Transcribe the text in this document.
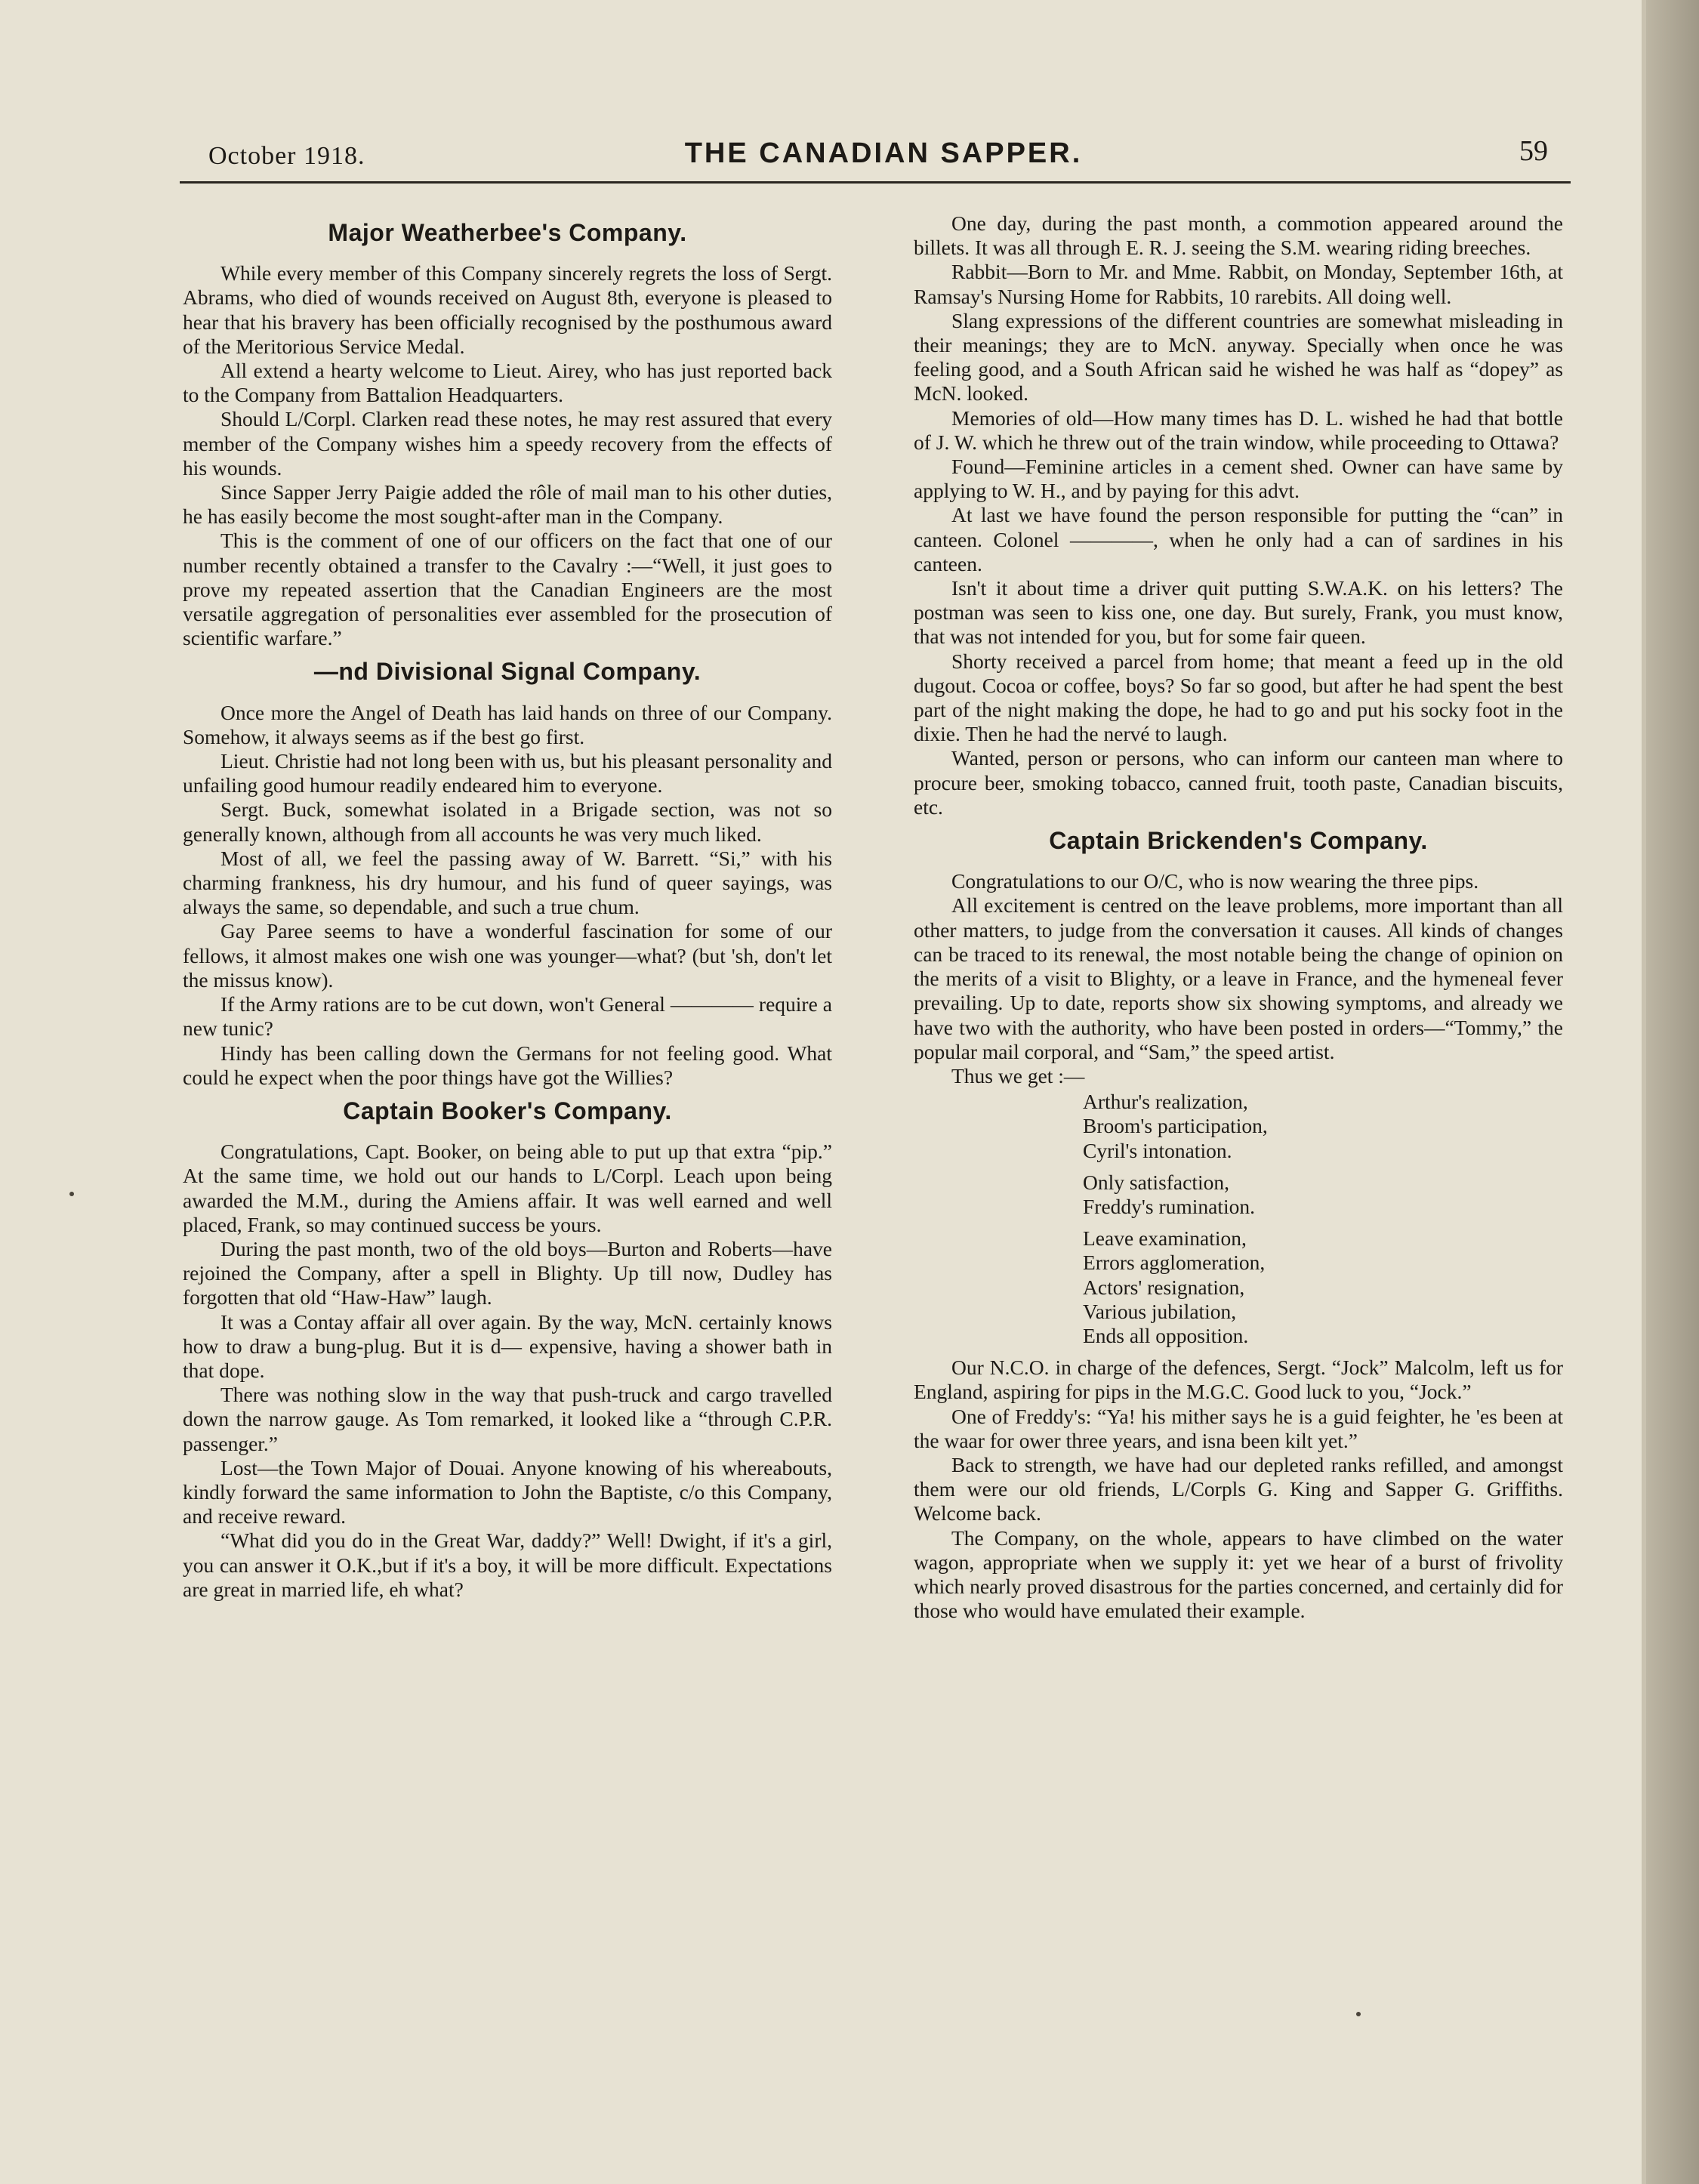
October 1918.	THE CANADIAN SAPPER.	59
Major Weatherbee's Company.

While every member of this Company sincerely regrets the loss of Sergt. Abrams, who died of wounds received on August 8th, everyone is pleased to hear that his bravery has been officially recognised by the posthumous award of the Meritorious Service Medal.

All extend a hearty welcome to Lieut. Airey, who has just reported back to the Company from Battalion Headquarters.

Should L/Corpl. Clarken read these notes, he may rest assured that every member of the Company wishes him a speedy recovery from the effects of his wounds.

Since Sapper Jerry Paigie added the rôle of mail man to his other duties, he has easily become the most sought-after man in the Company.

This is the comment of one of our officers on the fact that one of our number recently obtained a transfer to the Cavalry :—“Well, it just goes to prove my repeated assertion that the Canadian Engineers are the most versatile aggregation of personalities ever assembled for the prosecution of scientific warfare.”

—nd Divisional Signal Company.

Once more the Angel of Death has laid hands on three of our Company. Somehow, it always seems as if the best go first.

Lieut. Christie had not long been with us, but his pleasant personality and unfailing good humour readily endeared him to everyone.

Sergt. Buck, somewhat isolated in a Brigade section, was not so generally known, although from all accounts he was very much liked.

Most of all, we feel the passing away of W. Barrett. “Si,” with his charming frankness, his dry humour, and his fund of queer sayings, was always the same, so dependable, and such a true chum.

Gay Paree seems to have a wonderful fascination for some of our fellows, it almost makes one wish one was younger—what? (but 'sh, don't let the missus know).

If the Army rations are to be cut down, won't General ———— require a new tunic?

Hindy has been calling down the Germans for not feeling good. What could he expect when the poor things have got the Willies?

Captain Booker's Company.

Congratulations, Capt. Booker, on being able to put up that extra “pip.” At the same time, we hold out our hands to L/Corpl. Leach upon being awarded the M.M., during the Amiens affair. It was well earned and well placed, Frank, so may continued success be yours.

During the past month, two of the old boys—Burton and Roberts—have rejoined the Company, after a spell in Blighty. Up till now, Dudley has forgotten that old “Haw-Haw” laugh.

It was a Contay affair all over again. By the way, McN. certainly knows how to draw a bung-plug. But it is d— expensive, having a shower bath in that dope.

There was nothing slow in the way that push-truck and cargo travelled down the narrow gauge. As Tom remarked, it looked like a “through C.P.R. passenger.”

Lost—the Town Major of Douai. Anyone knowing of his whereabouts, kindly forward the same information to John the Baptiste, c/o this Company, and receive reward.

“What did you do in the Great War, daddy?” Well! Dwight, if it's a girl, you can answer it O.K.,but if it's a boy, it will be more difficult. Expectations are great in married life, eh what?

One day, during the past month, a commotion appeared around the billets. It was all through E. R. J. seeing the S.M. wearing riding breeches.

Rabbit—Born to Mr. and Mme. Rabbit, on Monday, September 16th, at Ramsay's Nursing Home for Rabbits, 10 rarebits. All doing well.

Slang expressions of the different countries are somewhat misleading in their meanings; they are to McN. anyway. Specially when once he was feeling good, and a South African said he wished he was half as “dopey” as McN. looked.

Memories of old—How many times has D. L. wished he had that bottle of J. W. which he threw out of the train window, while proceeding to Ottawa?

Found—Feminine articles in a cement shed. Owner can have same by applying to W. H., and by paying for this advt.

At last we have found the person responsible for putting the “can” in canteen. Colonel ————, when he only had a can of sardines in his canteen.

Isn't it about time a driver quit putting S.W.A.K. on his letters? The postman was seen to kiss one, one day. But surely, Frank, you must know, that was not intended for you, but for some fair queen.

Shorty received a parcel from home; that meant a feed up in the old dugout. Cocoa or coffee, boys? So far so good, but after he had spent the best part of the night making the dope, he had to go and put his socky foot in the dixie. Then he had the nervé to laugh.

Wanted, person or persons, who can inform our canteen man where to procure beer, smoking tobacco, canned fruit, tooth paste, Canadian biscuits, etc.

Captain Brickenden's Company.

Congratulations to our O/C, who is now wearing the three pips.

All excitement is centred on the leave problems, more important than all other matters, to judge from the conversation it causes. All kinds of changes can be traced to its renewal, the most notable being the change of opinion on the merits of a visit to Blighty, or a leave in France, and the hymeneal fever prevailing. Up to date, reports show six showing symptoms, and already we have two with the authority, who have been posted in orders—“Tommy,” the popular mail corporal, and “Sam,” the speed artist.

Thus we get :—

Arthur's realization,
Broom's participation,
Cyril's intonation.
Only satisfaction,
Freddy's rumination.
Leave examination,
Errors agglomeration,
Actors' resignation,
Various jubilation,
Ends all opposition.

Our N.C.O. in charge of the defences, Sergt. “Jock” Malcolm, left us for England, aspiring for pips in the M.G.C. Good luck to you, “Jock.”

One of Freddy's: “Ya! his mither says he is a guid feighter, he 'es been at the waar for ower three years, and isna been kilt yet.”

Back to strength, we have had our depleted ranks refilled, and amongst them were our old friends, L/Corpls G. King and Sapper G. Griffiths. Welcome back.

The Company, on the whole, appears to have climbed on the water wagon, appropriate when we supply it: yet we hear of a burst of frivolity which nearly proved disastrous for the parties concerned, and certainly did for those who would have emulated their example.
